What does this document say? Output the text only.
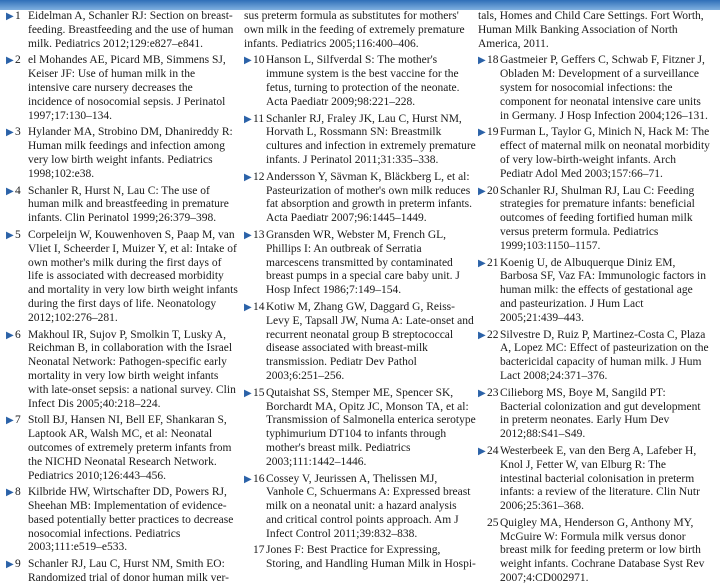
▶ 1 Eidelman A, Schanler RJ: Section on breast-feeding. Breastfeeding and the use of human milk. Pediatrics 2012;129:e827–e841.
▶ 2 el Mohandes AE, Picard MB, Simmens SJ, Keiser JF: Use of human milk in the intensive care nursery decreases the incidence of nosocomial sepsis. J Perinatol 1997;17:130–134.
▶ 3 Hylander MA, Strobino DM, Dhanireddy R: Human milk feedings and infection among very low birth weight infants. Pediatrics 1998;102:e38.
▶ 4 Schanler R, Hurst N, Lau C: The use of human milk and breastfeeding in premature infants. Clin Perinatol 1999;26:379–398.
▶ 5 Corpeleijn W, Kouwenhoven S, Paap M, van Vliet I, Scheerder I, Muizer Y, et al: Intake of own mother's milk during the first days of life is associated with decreased morbidity and mortality in very low birth weight infants during the first days of life. Neonatology 2012;102:276–281.
▶ 6 Makhoul IR, Sujov P, Smolkin T, Lusky A, Reichman B, in collaboration with the Israel Neonatal Network: Pathogen-specific early mortality in very low birth weight infants with late-onset sepsis: a national survey. Clin Infect Dis 2005;40:218–224.
▶ 7 Stoll BJ, Hansen NI, Bell EF, Shankaran S, Laptook AR, Walsh MC, et al: Neonatal outcomes of extremely preterm infants from the NICHD Neonatal Research Network. Pediatrics 2010;126:443–456.
▶ 8 Kilbride HW, Wirtschafter DD, Powers RJ, Sheehan MB: Implementation of evidence-based potentially better practices to decrease nosocomial infections. Pediatrics 2003;111:e519–e533.
▶ 9 Schanler RJ, Lau C, Hurst NM, Smith EO: Randomized trial of donor human milk ver-
sus preterm formula as substitutes for mothers' own milk in the feeding of extremely premature infants. Pediatrics 2005;116:400–406.
▶ 10 Hanson L, Silfverdal S: The mother's immune system is the best vaccine for the fetus, turning to protection of the neonate. Acta Paediatr 2009;98:221–228.
▶ 11 Schanler RJ, Fraley JK, Lau C, Hurst NM, Horvath L, Rossmann SN: Breastmilk cultures and infection in extremely premature infants. J Perinatol 2011;31:335–338.
▶ 12 Andersson Y, Sävman K, Bläckberg L, et al: Pasteurization of mother's own milk reduces fat absorption and growth in preterm infants. Acta Paediatr 2007;96:1445–1449.
▶ 13 Gransden WR, Webster M, French GL, Phillips I: An outbreak of Serratia marcescens transmitted by contaminated breast pumps in a special care baby unit. J Hosp Infect 1986;7:149–154.
▶ 14 Kotiw M, Zhang GW, Daggard G, Reiss-Levy E, Tapsall JW, Numa A: Late-onset and recurrent neonatal group B streptococcal disease associated with breast-milk transmission. Pediatr Dev Pathol 2003;6:251–256.
▶ 15 Qutaishat SS, Stemper ME, Spencer SK, Borchardt MA, Opitz JC, Monson TA, et al: Transmission of Salmonella enterica serotype typhimurium DT104 to infants through mother's breast milk. Pediatrics 2003;111:1442–1446.
▶ 16 Cossey V, Jeurissen A, Thelissen MJ, Vanhole C, Schuermans A: Expressed breast milk on a neonatal unit: a hazard analysis and critical control points approach. Am J Infect Control 2011;39:832–838.
17 Jones F: Best Practice for Expressing, Storing, and Handling Human Milk in Hospi-
tals, Homes and Child Care Settings. Fort Worth, Human Milk Banking Association of North America, 2011.
▶ 18 Gastmeier P, Geffers C, Schwab F, Fitzner J, Obladen M: Development of a surveillance system for nosocomial infections: the component for neonatal intensive care units in Germany. J Hosp Infection 2004;126–131.
▶ 19 Furman L, Taylor G, Minich N, Hack M: The effect of maternal milk on neonatal morbidity of very low-birth-weight infants. Arch Pediatr Adol Med 2003;157:66–71.
▶ 20 Schanler RJ, Shulman RJ, Lau C: Feeding strategies for premature infants: beneficial outcomes of feeding fortified human milk versus preterm formula. Pediatrics 1999;103:1150–1157.
▶ 21 Koenig U, de Albuquerque Diniz EM, Barbosa SF, Vaz FA: Immunologic factors in human milk: the effects of gestational age and pasteurization. J Hum Lact 2005;21:439–443.
▶ 22 Silvestre D, Ruiz P, Martinez-Costa C, Plaza A, Lopez MC: Effect of pasteurization on the bactericidal capacity of human milk. J Hum Lact 2008;24:371–376.
▶ 23 Cilieborg MS, Boye M, Sangild PT: Bacterial colonization and gut development in preterm neonates. Early Hum Dev 2012;88:S41–S49.
▶ 24 Westerbeek E, van den Berg A, Lafeber H, Knol J, Fetter W, van Elburg R: The intestinal bacterial colonisation in preterm infants: a review of the literature. Clin Nutr 2006;25:361–368.
25 Quigley MA, Henderson G, Anthony MY, McGuire W: Formula milk versus donor breast milk for feeding preterm or low birth weight infants. Cochrane Database Syst Rev 2007;4:CD002971.
